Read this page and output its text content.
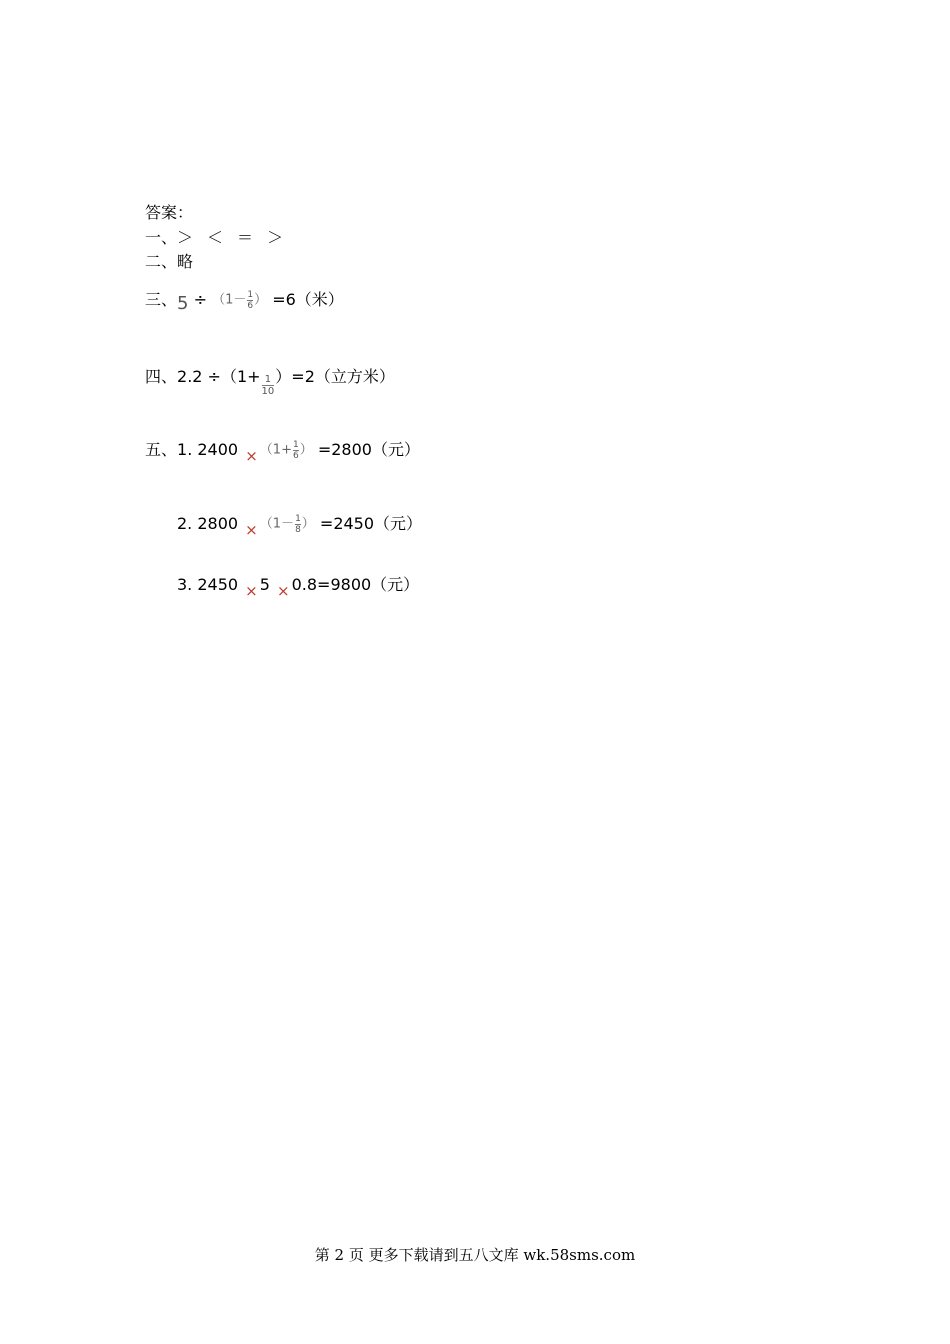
答案：
一、＞ ＜ ＝ ＞
二、略
三、$5 \div (1- \frac{1}{6}$ ） =6（米）
四、$2.2 \div(1+ \frac{1}{10} )=2$（立方米）
五、1. $2400 \times (1+ \frac{1}{6}$ ） =2800（元）
2. $2800 \times (1- \frac{1}{8}$ ） =2450（元）
3. 2450 × 5 × 0.8=9800（元）
第 2 页 更多下载请到五八文库 wk.58sms.com
